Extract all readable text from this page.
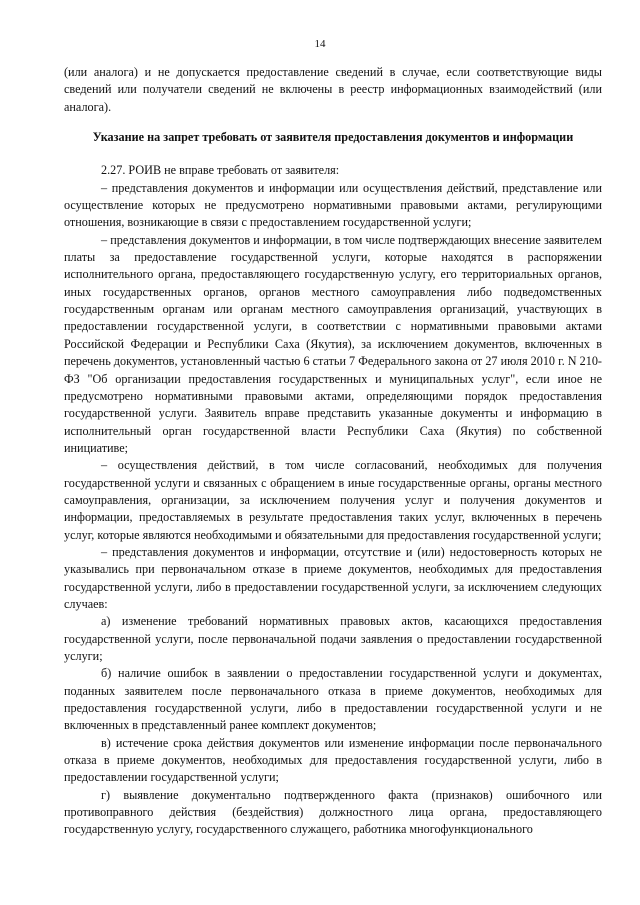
14

(или аналога) и не допускается предоставление сведений в случае, если соответствующие виды сведений или получатели сведений не включены в реестр информационных взаимодействий (или аналога).

Указание на запрет требовать от заявителя предоставления документов и информации

2.27. РОИВ не вправе требовать от заявителя:

– представления документов и информации или осуществления действий, представление или осуществление которых не предусмотрено нормативными правовыми актами, регулирующими отношения, возникающие в связи с предоставлением государственной услуги;

– представления документов и информации, в том числе подтверждающих внесение заявителем платы за предоставление государственной услуги, которые находятся в распоряжении исполнительного органа, предоставляющего государственную услугу, его территориальных органов, иных государственных органов, органов местного самоуправления либо подведомственных государственным органам или органам местного самоуправления организаций, участвующих в предоставлении государственной услуги, в соответствии с нормативными правовыми актами Российской Федерации и Республики Саха (Якутия), за исключением документов, включенных в перечень документов, установленный частью 6 статьи 7 Федерального закона от 27 июля 2010 г. N 210-ФЗ "Об организации предоставления государственных и муниципальных услуг", если иное не предусмотрено нормативными правовыми актами, определяющими порядок предоставления государственной услуги. Заявитель вправе представить указанные документы и информацию в исполнительный орган государственной власти Республики Саха (Якутия) по собственной инициативе;

– осуществления действий, в том числе согласований, необходимых для получения государственной услуги и связанных с обращением в иные государственные органы, органы местного самоуправления, организации, за исключением получения услуг и получения документов и информации, предоставляемых в результате предоставления таких услуг, включенных в перечень услуг, которые являются необходимыми и обязательными для предоставления государственной услуги;

– представления документов и информации, отсутствие и (или) недостоверность которых не указывались при первоначальном отказе в приеме документов, необходимых для предоставления государственной услуги, либо в предоставлении государственной услуги, за исключением следующих случаев:

а) изменение требований нормативных правовых актов, касающихся предоставления государственной услуги, после первоначальной подачи заявления о предоставлении государственной услуги;

б) наличие ошибок в заявлении о предоставлении государственной услуги и документах, поданных заявителем после первоначального отказа в приеме документов, необходимых для предоставления государственной услуги, либо в предоставлении государственной услуги и не включенных в представленный ранее комплект документов;

в) истечение срока действия документов или изменение информации после первоначального отказа в приеме документов, необходимых для предоставления государственной услуги, либо в предоставлении государственной услуги;

г) выявление документально подтвержденного факта (признаков) ошибочного или противоправного действия (бездействия) должностного лица органа, предоставляющего государственную услугу, государственного служащего, работника многофункционального
